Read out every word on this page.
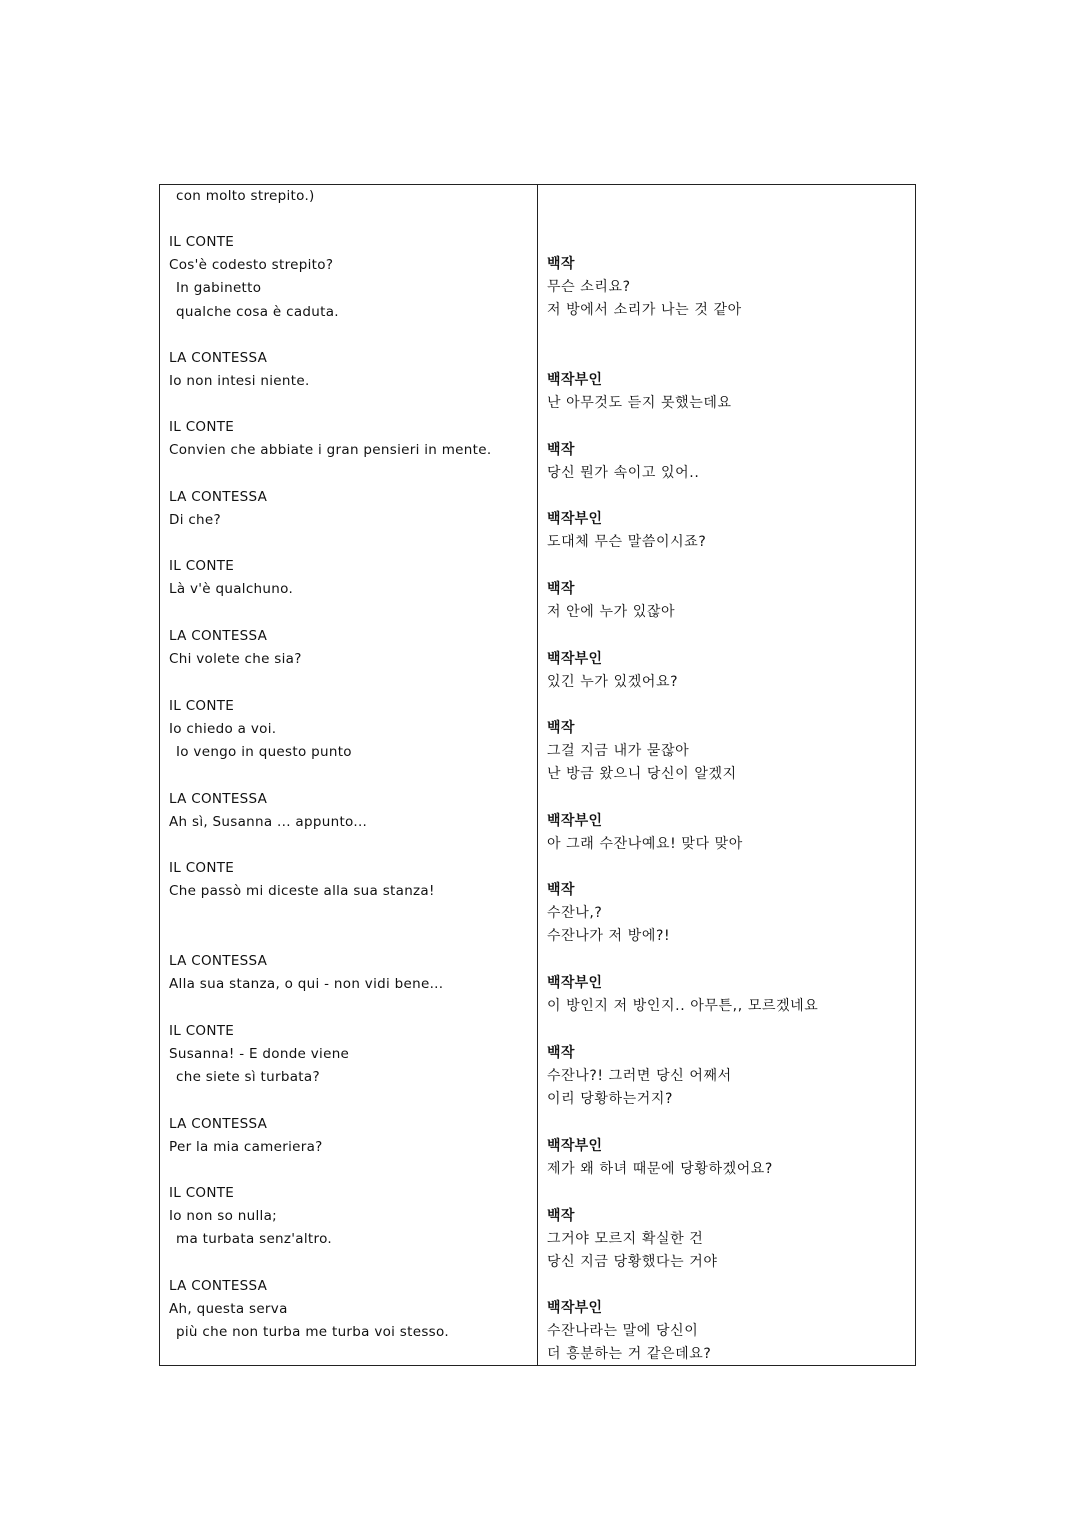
con molto strepito.)
IL CONTE
Cos'è codesto strepito?
In gabinetto
qualche cosa è caduta.
LA CONTESSA
Io non intesi niente.
IL CONTE
Convien che abbiate i gran pensieri in mente.
LA CONTESSA
Di che?
IL CONTE
Là v'è qualchuno.
LA CONTESSA
Chi volete che sia?
IL CONTE
Io chiedo a voi.
Io vengo in questo punto
LA CONTESSA
Ah sì, Susanna ... appunto...
IL CONTE
Che passò mi diceste alla sua stanza!
LA CONTESSA
Alla sua stanza, o qui - non vidi bene...
IL CONTE
Susanna! - E donde viene
che siete sì turbata?
LA CONTESSA
Per la mia cameriera?
IL CONTE
Io non so nulla;
ma turbata senz'altro.
LA CONTESSA
Ah, questa serva
più che non turba me turba voi stesso.
백작
무슨 소리요?
저 방에서 소리가 나는 것 같아
백작부인
난 아무것도 듣지 못했는데요
백작
당신 뭔가 속이고 있어..
백작부인
도대체 무슨 말씀이시죠?
백작
저 안에 누가 있잖아
백작부인
있긴 누가 있겠어요?
백작
그걸 지금 내가 묻잖아
난 방금 왔으니 당신이 알겠지
백작부인
아 그래 수잔나예요! 맞다 맞아
백작
수잔나,?
수잔나가 저 방에?!
백작부인
이 방인지 저 방인지.. 아무튼,, 모르겠네요
백작
수잔나?! 그러면 당신 어째서
이리 당황하는거지?
백작부인
제가 왜 하녀 때문에 당황하겠어요?
백작
그거야 모르지 확실한 건
당신 지금 당황했다는 거야
백작부인
수잔나라는 말에 당신이
더 흥분하는 거 같은데요?
